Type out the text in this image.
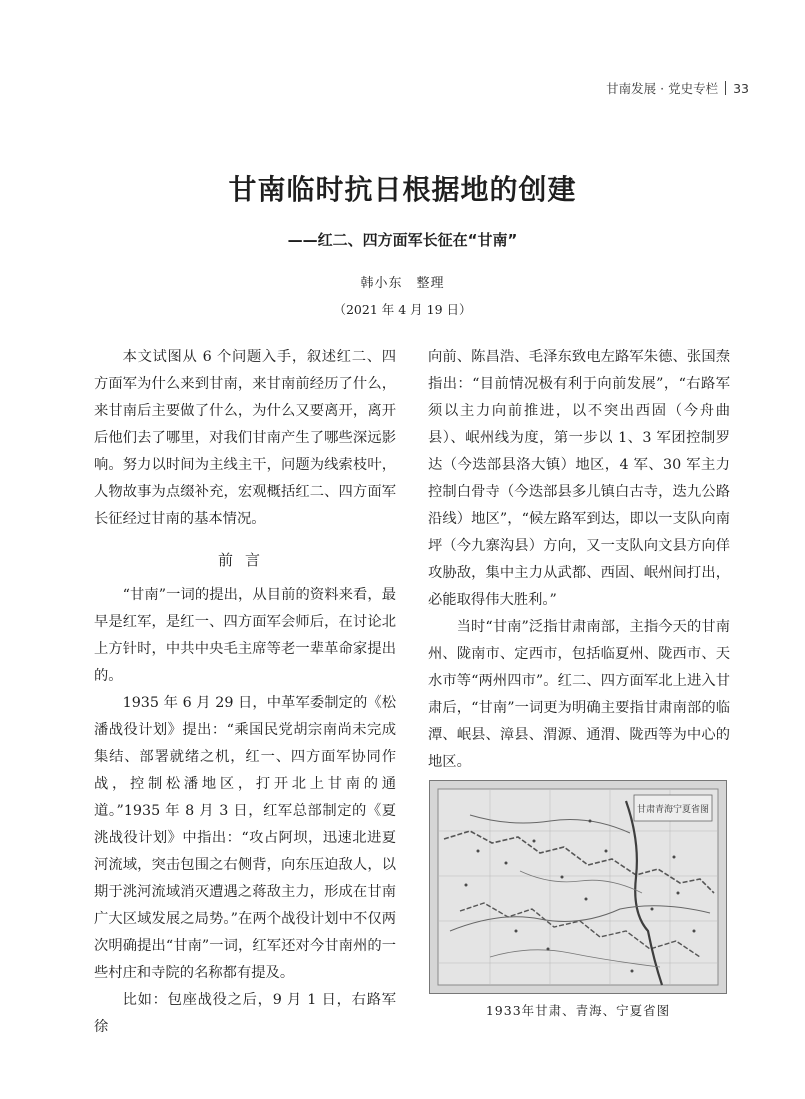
甘南发展 · 党史专栏 33
甘南临时抗日根据地的创建
——红二、四方面军长征在“甘南”
韩小东　整理
（2021 年 4 月 19 日）

本文试图从 6 个问题入手，叙述红二、四方面军为什么来到甘南，来甘南前经历了什么，来甘南后主要做了什么，为什么又要离开，离开后他们去了哪里，对我们甘南产生了哪些深远影响。努力以时间为主线主干，问题为线索枝叶，人物故事为点缀补充，宏观概括红二、四方面军长征经过甘南的基本情况。

前言

“甘南”一词的提出，从目前的资料来看，最早是红军，是红一、四方面军会师后，在讨论北上方针时，中共中央毛主席等老一辈革命家提出的。

1935 年 6 月 29 日，中革军委制定的《松潘战役计划》提出：“乘国民党胡宗南尚未完成集结、部署就绪之机，红一、四方面军协同作战，控制松潘地区，打开北上甘南的通道。”1935 年 8 月 3 日，红军总部制定的《夏洮战役计划》中指出：“攻占阿坝，迅速北进夏河流域，突击包围之右侧背，向东压迫敌人，以期于洮河流域消灭遭遇之蒋敌主力，形成在甘南广大区域发展之局势。”在两个战役计划中不仅两次明确提出“甘南”一词，红军还对今甘南州的一些村庄和寺院的名称都有提及。

比如：包座战役之后，9 月 1 日，右路军徐

向前、陈昌浩、毛泽东致电左路军朱德、张国焘指出：“目前情况极有利于向前发展”，“右路军须以主力向前推进，以不突出西固（今舟曲县）、岷州线为度，第一步以 1、3 军团控制罗达（今迭部县洛大镇）地区，4 军、30 军主力控制白骨寺（今迭部县多儿镇白古寺，迭九公路沿线）地区”，“候左路军到达，即以一支队向南坪（今九寨沟县）方向，又一支队向文县方向佯攻胁敌，集中主力从武都、西固、岷州间打出，必能取得伟大胜利。”

当时“甘南”泛指甘肃南部，主指今天的甘南州、陇南市、定西市，包括临夏州、陇西市、天水市等“两州四市”。红二、四方面军北上进入甘肃后，“甘南”一词更为明确主要指甘肃南部的临潭、岷县、漳县、渭源、通渭、陇西等为中心的地区。

甘肃青海宁夏省图
1933年甘肃、青海、宁夏省图
